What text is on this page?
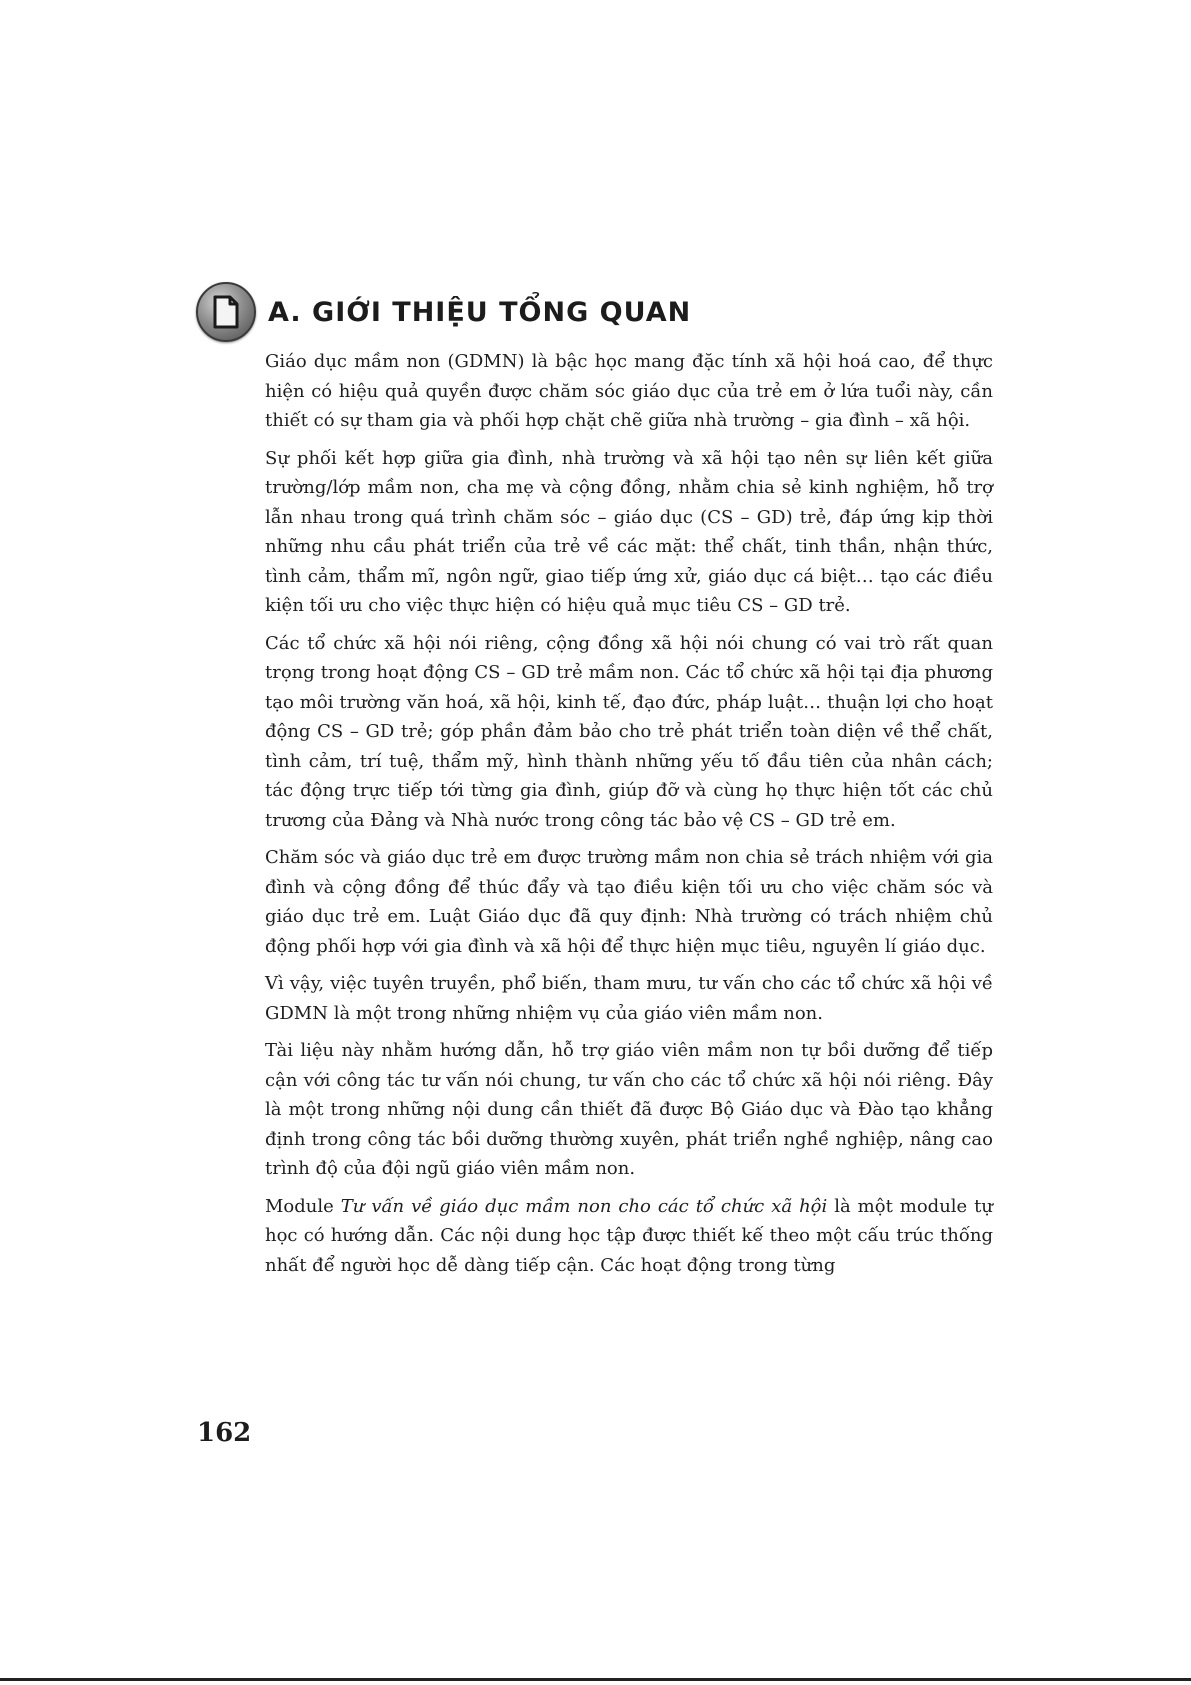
A. GIỚI THIỆU TỔNG QUAN

Giáo dục mầm non (GDMN) là bậc học mang đặc tính xã hội hoá cao, để thực hiện có hiệu quả quyền được chăm sóc giáo dục của trẻ em ở lứa tuổi này, cần thiết có sự tham gia và phối hợp chặt chẽ giữa nhà trường – gia đình – xã hội.

Sự phối kết hợp giữa gia đình, nhà trường và xã hội tạo nên sự liên kết giữa trường/lớp mầm non, cha mẹ và cộng đồng, nhằm chia sẻ kinh nghiệm, hỗ trợ lẫn nhau trong quá trình chăm sóc – giáo dục (CS – GD) trẻ, đáp ứng kịp thời những nhu cầu phát triển của trẻ về các mặt: thể chất, tinh thần, nhận thức, tình cảm, thẩm mĩ, ngôn ngữ, giao tiếp ứng xử, giáo dục cá biệt… tạo các điều kiện tối ưu cho việc thực hiện có hiệu quả mục tiêu CS – GD trẻ.

Các tổ chức xã hội nói riêng, cộng đồng xã hội nói chung có vai trò rất quan trọng trong hoạt động CS – GD trẻ mầm non. Các tổ chức xã hội tại địa phương tạo môi trường văn hoá, xã hội, kinh tế, đạo đức, pháp luật… thuận lợi cho hoạt động CS – GD trẻ; góp phần đảm bảo cho trẻ phát triển toàn diện về thể chất, tình cảm, trí tuệ, thẩm mỹ, hình thành những yếu tố đầu tiên của nhân cách; tác động trực tiếp tới từng gia đình, giúp đỡ và cùng họ thực hiện tốt các chủ trương của Đảng và Nhà nước trong công tác bảo vệ CS – GD trẻ em.

Chăm sóc và giáo dục trẻ em được trường mầm non chia sẻ trách nhiệm với gia đình và cộng đồng để thúc đẩy và tạo điều kiện tối ưu cho việc chăm sóc và giáo dục trẻ em. Luật Giáo dục đã quy định: Nhà trường có trách nhiệm chủ động phối hợp với gia đình và xã hội để thực hiện mục tiêu, nguyên lí giáo dục.

Vì vậy, việc tuyên truyền, phổ biến, tham mưu, tư vấn cho các tổ chức xã hội về GDMN là một trong những nhiệm vụ của giáo viên mầm non.

Tài liệu này nhằm hướng dẫn, hỗ trợ giáo viên mầm non tự bồi dưỡng để tiếp cận với công tác tư vấn nói chung, tư vấn cho các tổ chức xã hội nói riêng. Đây là một trong những nội dung cần thiết đã được Bộ Giáo dục và Đào tạo khẳng định trong công tác bồi dưỡng thường xuyên, phát triển nghề nghiệp, nâng cao trình độ của đội ngũ giáo viên mầm non.

Module Tư vấn về giáo dục mầm non cho các tổ chức xã hội là một module tự học có hướng dẫn. Các nội dung học tập được thiết kế theo một cấu trúc thống nhất để người học dễ dàng tiếp cận. Các hoạt động trong từng

162
